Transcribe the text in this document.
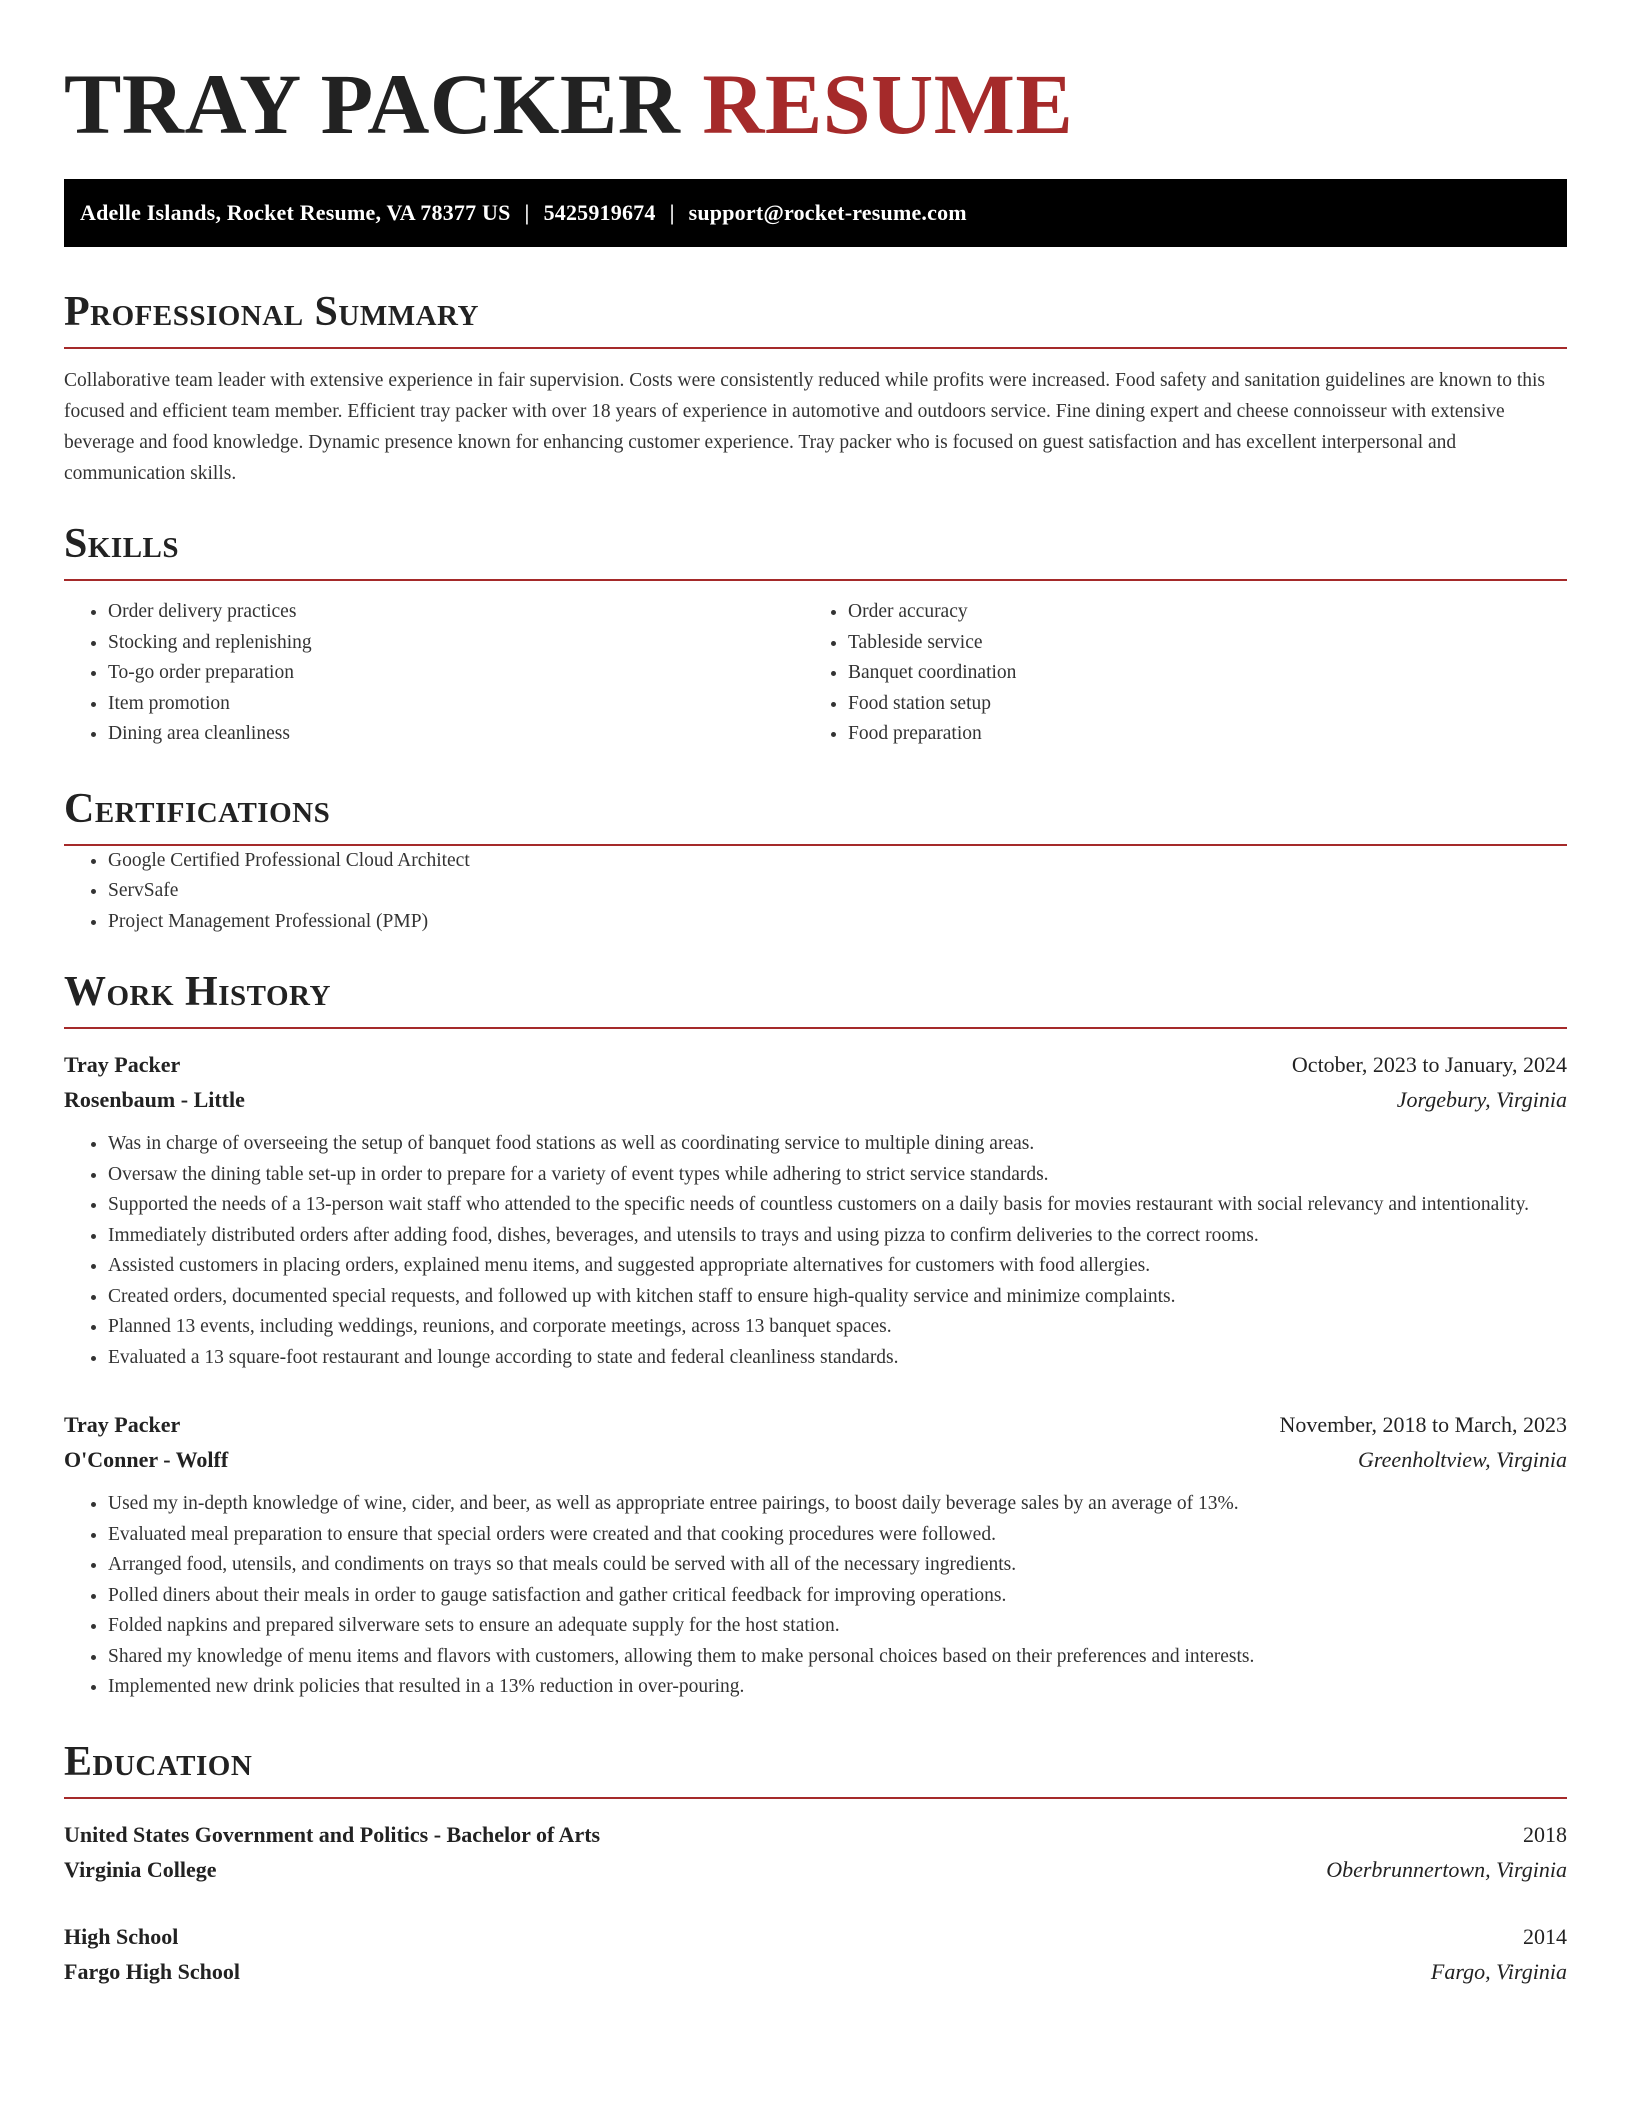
TRAY PACKER RESUME
Adelle Islands, Rocket Resume, VA 78377 US | 5425919674 | support@rocket-resume.com
Professional Summary

Collaborative team leader with extensive experience in fair supervision. Costs were consistently reduced while profits were increased. Food safety and sanitation guidelines are known to this focused and efficient team member. Efficient tray packer with over 18 years of experience in automotive and outdoors service. Fine dining expert and cheese connoisseur with extensive beverage and food knowledge. Dynamic presence known for enhancing customer experience. Tray packer who is focused on guest satisfaction and has excellent interpersonal and communication skills.

Skills
• Order delivery practices
• Stocking and replenishing
• To-go order preparation
• Item promotion
• Dining area cleanliness
• Order accuracy
• Tableside service
• Banquet coordination
• Food station setup
• Food preparation
Certifications
• Google Certified Professional Cloud Architect
• ServSafe
• Project Management Professional (PMP)
Work History
Tray Packer	October, 2023 to January, 2024
Rosenbaum - Little	Jorgebury, Virginia
• Was in charge of overseeing the setup of banquet food stations as well as coordinating service to multiple dining areas.
• Oversaw the dining table set-up in order to prepare for a variety of event types while adhering to strict service standards.
• Supported the needs of a 13-person wait staff who attended to the specific needs of countless customers on a daily basis for movies restaurant with social relevancy and intentionality.
• Immediately distributed orders after adding food, dishes, beverages, and utensils to trays and using pizza to confirm deliveries to the correct rooms.
• Assisted customers in placing orders, explained menu items, and suggested appropriate alternatives for customers with food allergies.
• Created orders, documented special requests, and followed up with kitchen staff to ensure high-quality service and minimize complaints.
• Planned 13 events, including weddings, reunions, and corporate meetings, across 13 banquet spaces.
• Evaluated a 13 square-foot restaurant and lounge according to state and federal cleanliness standards.
Tray Packer	November, 2018 to March, 2023
O'Conner - Wolff	Greenholtview, Virginia
• Used my in-depth knowledge of wine, cider, and beer, as well as appropriate entree pairings, to boost daily beverage sales by an average of 13%.
• Evaluated meal preparation to ensure that special orders were created and that cooking procedures were followed.
• Arranged food, utensils, and condiments on trays so that meals could be served with all of the necessary ingredients.
• Polled diners about their meals in order to gauge satisfaction and gather critical feedback for improving operations.
• Folded napkins and prepared silverware sets to ensure an adequate supply for the host station.
• Shared my knowledge of menu items and flavors with customers, allowing them to make personal choices based on their preferences and interests.
• Implemented new drink policies that resulted in a 13% reduction in over-pouring.
Education
United States Government and Politics - Bachelor of Arts	2018
Virginia College	Oberbrunnertown, Virginia
High School	2014
Fargo High School	Fargo, Virginia
